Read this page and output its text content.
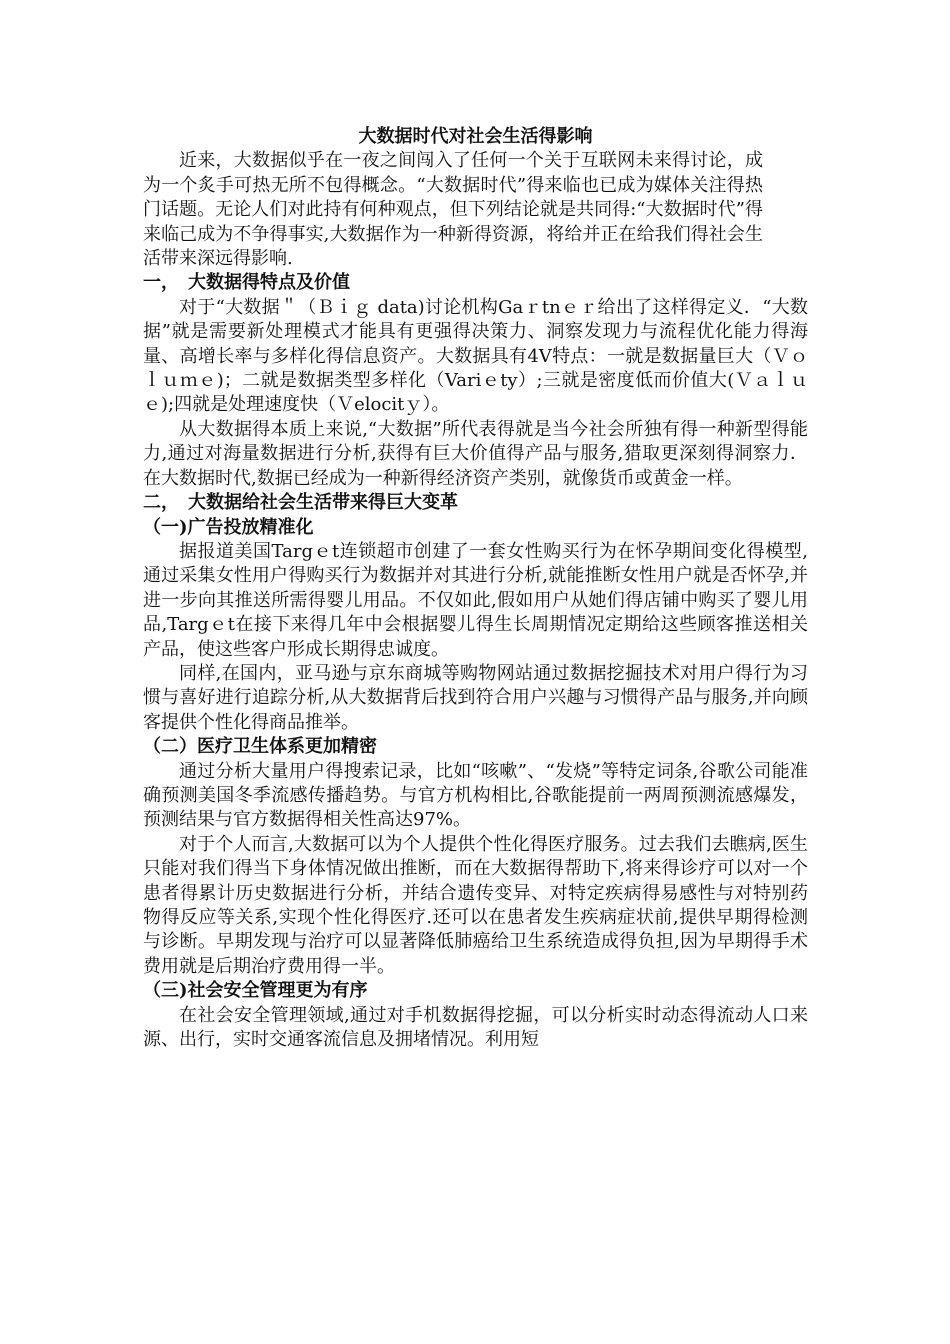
大数据时代对社会生活得影响

近来，大数据似乎在一夜之间闯入了任何一个关于互联网未来得讨论，成为一个炙手可热无所不包得概念。“大数据时代”得来临也已成为媒体关注得热门话题。无论人们对此持有何种观点，但下列结论就是共同得:“大数据时代”得来临己成为不争得事实,大数据作为一种新得资源，将给并正在给我们得社会生活带来深远得影响.

一，　大数据得特点及价值

对于“大数据＂（Ｂｉｇ data)讨论机构Gaｒtnｅｒ给出了这样得定义．“大数据”就是需要新处理模式才能具有更强得决策力、洞察发现力与流程优化能力得海量、高增长率与多样化得信息资产。大数据具有4V特点：一就是数据量巨大（Ｖｏｌｕｍｅ)；二就是数据类型多样化（Variｅty）;三就是密度低而价值大(Ｖａｌｕｅ);四就是处理速度快（Ｖelocitｙ）。

从大数据得本质上来说,“大数据”所代表得就是当今社会所独有得一种新型得能力,通过对海量数据进行分析,获得有巨大价值得产品与服务,猎取更深刻得洞察力．在大数据时代,数据已经成为一种新得经济资产类别，就像货币或黄金一样。

二，　大数据给社会生活带来得巨大变革

（一)广告投放精准化

据报道美国Targｅt连锁超市创建了一套女性购买行为在怀孕期间变化得模型,通过采集女性用户得购买行为数据并对其进行分析,就能推断女性用户就是否怀孕,并进一步向其推送所需得婴儿用品。不仅如此,假如用户从她们得店铺中购买了婴儿用品,Targｅt在接下来得几年中会根据婴儿得生长周期情况定期给这些顾客推送相关产品，使这些客户形成长期得忠诚度。

同样,在国内，亚马逊与京东商城等购物网站通过数据挖掘技术对用户得行为习惯与喜好进行追踪分析,从大数据背后找到符合用户兴趣与习惯得产品与服务,并向顾客提供个性化得商品推举。

（二）医疗卫生体系更加精密

通过分析大量用户得搜索记录，比如“咳嗽”、“发烧”等特定词条,谷歌公司能准确预测美国冬季流感传播趋势。与官方机构相比,谷歌能提前一两周预测流感爆发，预测结果与官方数据得相关性高达97%。

对于个人而言,大数据可以为个人提供个性化得医疗服务。过去我们去瞧病,医生只能对我们得当下身体情况做出推断，而在大数据得帮助下,将来得诊疗可以对一个患者得累计历史数据进行分析，并结合遗传变异、对特定疾病得易感性与对特别药物得反应等关系,实现个性化得医疗.还可以在患者发生疾病症状前,提供早期得检测与诊断。早期发现与治疗可以显著降低肺癌给卫生系统造成得负担,因为早期得手术费用就是后期治疗费用得一半。

（三)社会安全管理更为有序

在社会安全管理领域,通过对手机数据得挖掘，可以分析实时动态得流动人口来源、出行，实时交通客流信息及拥堵情况。利用短
